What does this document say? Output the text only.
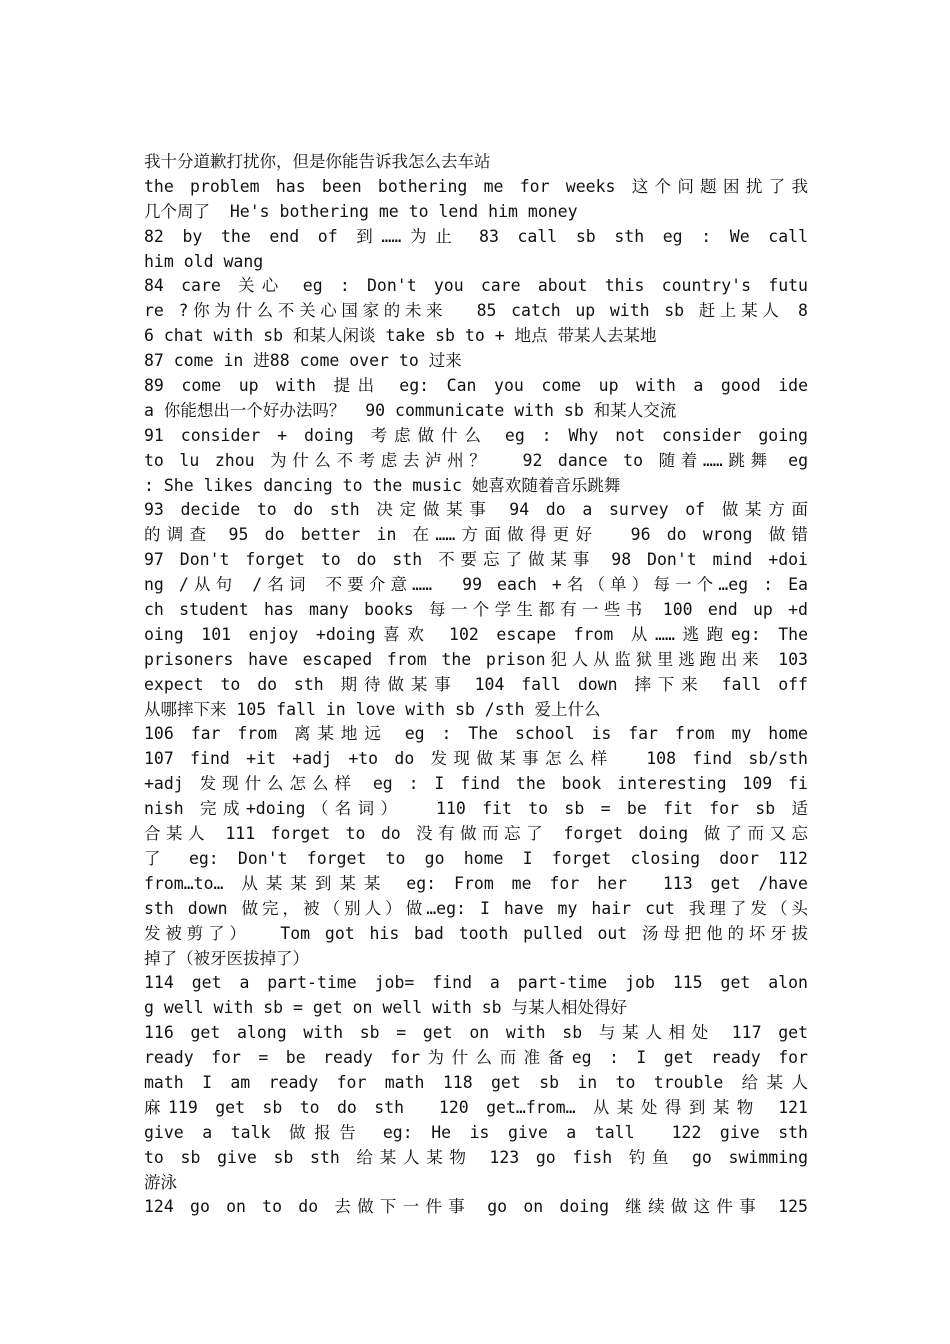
我十分道歉打扰你，但是你能告诉我怎么去车站
the problem has been bothering me for weeks 这个问题困扰了我
几个周了  He's bothering me to lend him money
82 by the end of 到……为止 83 call sb sth eg : We call
him old wang
84 care 关心 eg : Don't you care about this country's futu
re ?你为什么不关心国家的未来  85 catch up with sb 赶上某人 8
6 chat with sb 和某人闲谈 take sb to + 地点 带某人去某地
87 come in 进88 come over to 过来
89 come up with 提出 eg: Can you come up with a good ide
a 你能想出一个好办法吗？  90 communicate with sb 和某人交流
91 consider + doing 考虑做什么 eg : Why not consider going
to lu zhou 为什么不考虑去泸州？  92 dance to 随着……跳舞 eg
: She likes dancing to the music 她喜欢随着音乐跳舞
93 decide to do sth 决定做某事 94 do a survey of 做某方面
的调查 95 do better in 在……方面做得更好  96 do wrong 做错
97 Don't forget to do sth 不要忘了做某事 98 Don't mind +doi
ng /从句 /名词 不要介意……  99 each +名（单）每一个…eg : Ea
ch student has many books 每一个学生都有一些书 100 end up +d
oing 101 enjoy +doing喜欢 102 escape from 从……逃跑eg: The
prisoners have escaped from the prison犯人从监狱里逃跑出来 103
expect to do sth 期待做某事 104 fall down 摔下来 fall off
从哪摔下来 105 fall in love with sb /sth 爱上什么
106 far from 离某地远 eg : The school is far from my home
107 find +it +adj +to do 发现做某事怎么样  108 find sb/sth
+adj 发现什么怎么样 eg : I find the book interesting 109 fi
nish 完成+doing（名词）  110 fit to sb = be fit for sb 适
合某人 111 forget to do 没有做而忘了 forget doing 做了而又忘
了 eg: Don't forget to go home I forget closing door 112
from…to… 从某某到某某 eg: From me for her  113 get /have
sth down 做完，被（别人）做…eg: I have my hair cut 我理了发（头
发被剪了）  Tom got his bad tooth pulled out 汤母把他的坏牙拔
掉了（被牙医拔掉了）
114 get a part-time job= find a part-time job 115 get alon
g well with sb = get on well with sb 与某人相处得好
116 get along with sb = get on with sb 与某人相处 117 get
ready for = be ready for为什么而准备eg : I get ready for
math I am ready for math 118 get sb in to trouble 给某人
麻119 get sb to do sth  120 get…from… 从某处得到某物 121
give a talk 做报告 eg: He is give a tall  122 give sth
to sb give sb sth 给某人某物 123 go fish 钓鱼 go swimming
游泳
124 go on to do 去做下一件事 go on doing 继续做这件事 125
